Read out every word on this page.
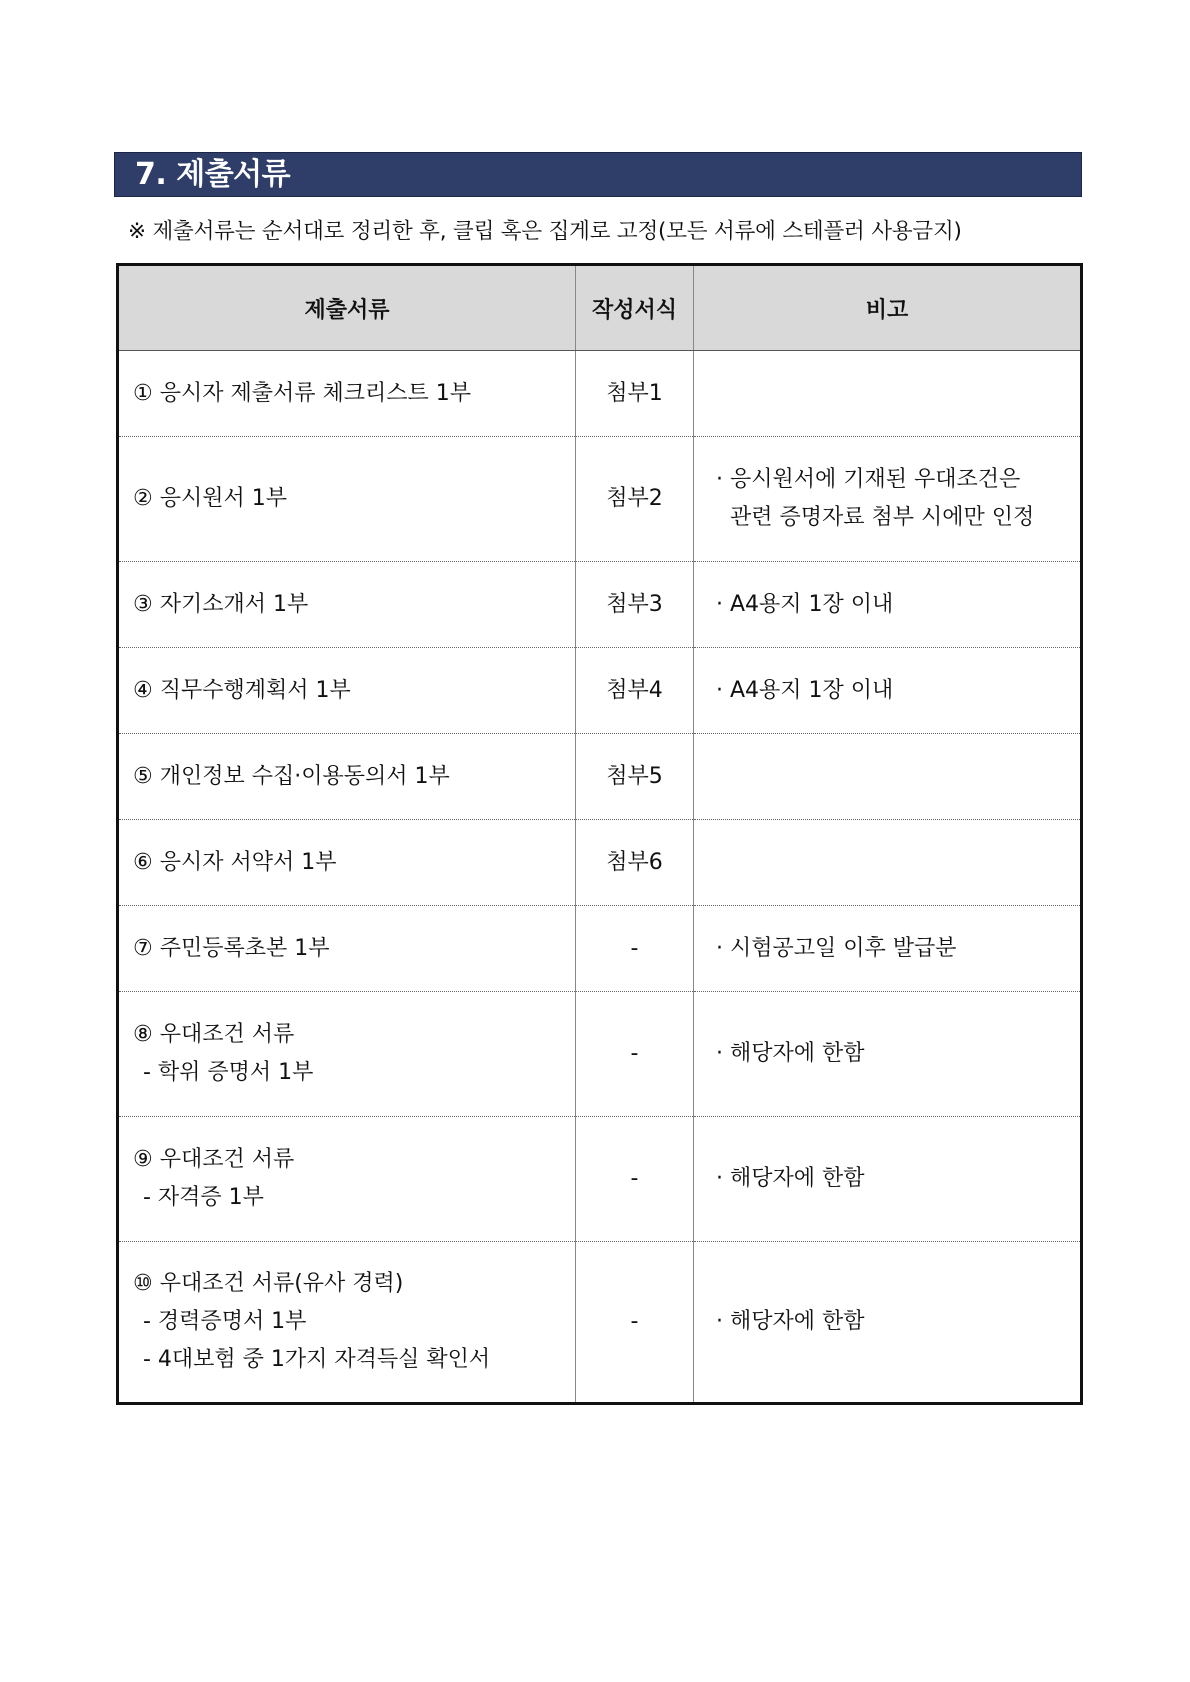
7. 제출서류
※ 제출서류는 순서대로 정리한 후, 클립 혹은 집게로 고정(모든 서류에 스테플러 사용금지)
제출서류	작성서식	비고

① 응시자 제출서류 체크리스트 1부	첨부1	

② 응시원서 1부	첨부2	· 응시원서에 기재된 우대조건은
관련 증명자료 첨부 시에만 인정

③ 자기소개서 1부	첨부3	· A4용지 1장 이내

④ 직무수행계획서 1부	첨부4	· A4용지 1장 이내

⑤ 개인정보 수집·이용동의서 1부	첨부5	

⑥ 응시자 서약서 1부	첨부6	

⑦ 주민등록초본 1부	-	· 시험공고일 이후 발급분

⑧ 우대조건 서류
- 학위 증명서 1부	-	· 해당자에 한함

⑨ 우대조건 서류
- 자격증 1부	-	· 해당자에 한함

⑩ 우대조건 서류(유사 경력)
- 경력증명서 1부
- 4대보험 중 1가지 자격득실 확인서	-	· 해당자에 한함
